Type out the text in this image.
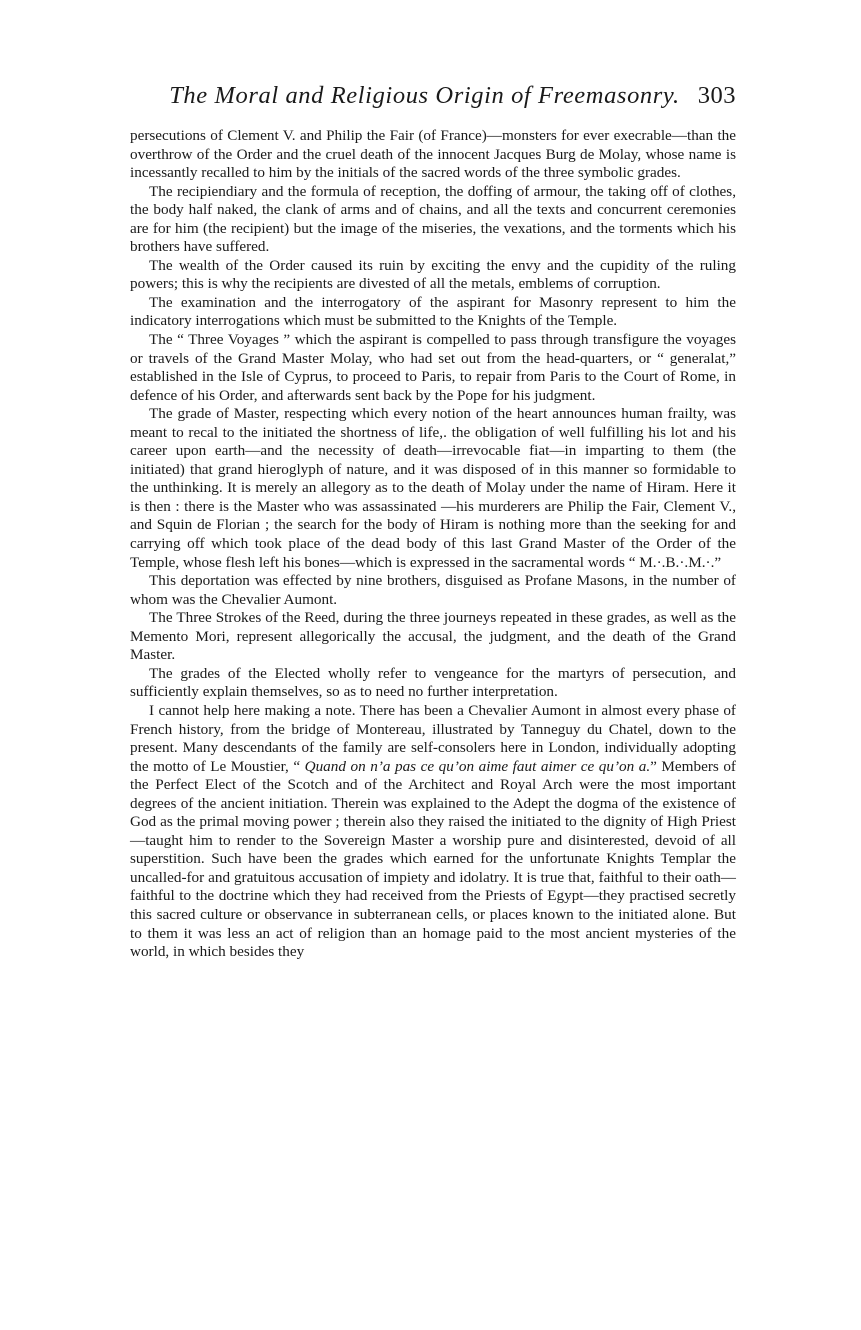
The Moral and Religious Origin of Freemasonry. 303

persecutions of Clement V. and Philip the Fair (of France)—monsters for ever execrable—than the overthrow of the Order and the cruel death of the innocent Jacques Burg de Molay, whose name is incessantly recalled to him by the initials of the sacred words of the three symbolic grades.

The recipiendiary and the formula of reception, the doffing of armour, the taking off of clothes, the body half naked, the clank of arms and of chains, and all the texts and concurrent ceremonies are for him (the recipient) but the image of the miseries, the vexations, and the torments which his brothers have suffered.

The wealth of the Order caused its ruin by exciting the envy and the cupidity of the ruling powers; this is why the recipients are divested of all the metals, emblems of corruption.

The examination and the interrogatory of the aspirant for Masonry represent to him the indicatory interrogations which must be submitted to the Knights of the Temple.

The “ Three Voyages ” which the aspirant is compelled to pass through transfigure the voyages or travels of the Grand Master Molay, who had set out from the head-quarters, or “ generalat,” established in the Isle of Cyprus, to proceed to Paris, to repair from Paris to the Court of Rome, in defence of his Order, and afterwards sent back by the Pope for his judgment.

The grade of Master, respecting which every notion of the heart announces human frailty, was meant to recal to the initiated the shortness of life,. the obligation of well fulfilling his lot and his career upon earth—and the necessity of death—irrevocable fiat—in imparting to them (the initiated) that grand hieroglyph of nature, and it was disposed of in this manner so formidable to the unthinking. It is merely an allegory as to the death of Molay under the name of Hiram. Here it is then : there is the Master who was assassinated —his murderers are Philip the Fair, Clement V., and Squin de Florian ; the search for the body of Hiram is nothing more than the seeking for and carrying off which took place of the dead body of this last Grand Master of the Order of the Temple, whose flesh left his bones—which is expressed in the sacramental words “ M.·.B.·.M.·.”

This deportation was effected by nine brothers, disguised as Profane Masons, in the number of whom was the Chevalier Aumont.

The Three Strokes of the Reed, during the three journeys repeated in these grades, as well as the Memento Mori, represent allegorically the accusal, the judgment, and the death of the Grand Master.

The grades of the Elected wholly refer to vengeance for the martyrs of persecution, and sufficiently explain themselves, so as to need no further interpretation.

I cannot help here making a note. There has been a Chevalier Aumont in almost every phase of French history, from the bridge of Montereau, illustrated by Tanneguy du Chatel, down to the present. Many descendants of the family are self-consolers here in London, individually adopting the motto of Le Moustier, “ Quand on n’a pas ce qu’on aime faut aimer ce qu’on a.” Members of the Perfect Elect of the Scotch and of the Architect and Royal Arch were the most important degrees of the ancient initiation. Therein was explained to the Adept the dogma of the existence of God as the primal moving power ; therein also they raised the initiated to the dignity of High Priest—taught him to render to the Sovereign Master a worship pure and disinterested, devoid of all superstition. Such have been the grades which earned for the unfortunate Knights Templar the uncalled-for and gratuitous accusation of impiety and idolatry. It is true that, faithful to their oath—faithful to the doctrine which they had received from the Priests of Egypt—they practised secretly this sacred culture or observance in subterranean cells, or places known to the initiated alone. But to them it was less an act of religion than an homage paid to the most ancient mysteries of the world, in which besides they
